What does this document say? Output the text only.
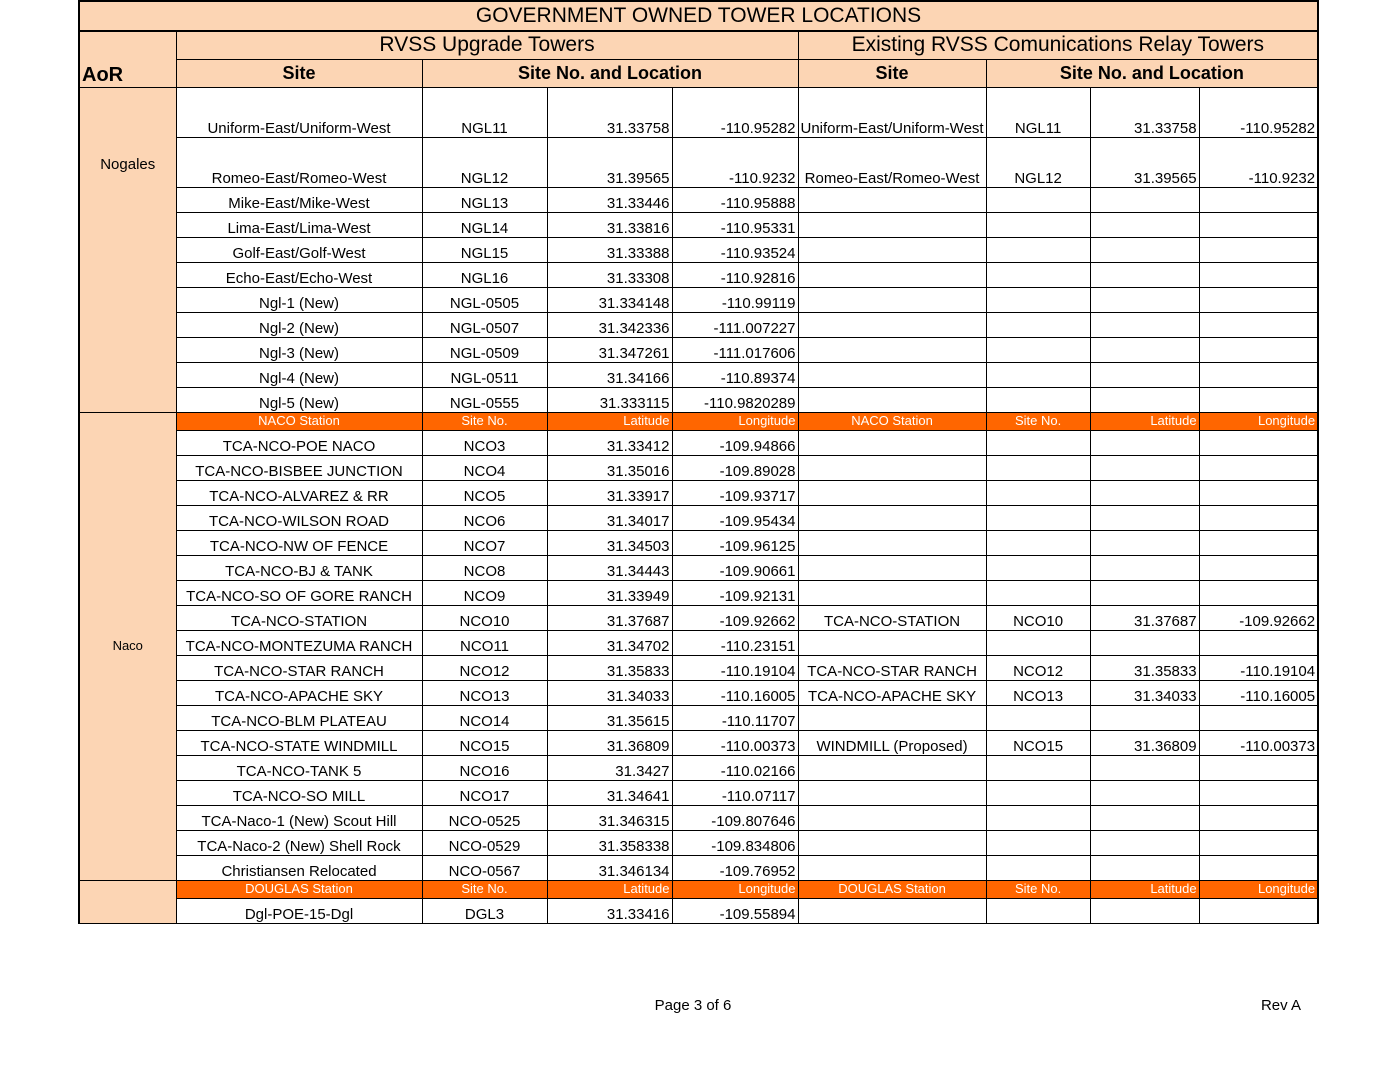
GOVERNMENT OWNED TOWER LOCATIONS								
AoR	RVSS Upgrade Towers				Existing RVSS Comunications Relay Towers			
	Site	Site No. and Location			Site	Site No. and Location		
Nogales	Uniform-East/Uniform-West	NGL11	31.33758	-110.95282	Uniform-East/Uniform-West	NGL11	31.33758	-110.95282
	Romeo-East/Romeo-West	NGL12	31.39565	-110.9232	Romeo-East/Romeo-West	NGL12	31.39565	-110.9232
	Mike-East/Mike-West	NGL13	31.33446	-110.95888				
	Lima-East/Lima-West	NGL14	31.33816	-110.95331				
	Golf-East/Golf-West	NGL15	31.33388	-110.93524				
	Echo-East/Echo-West	NGL16	31.33308	-110.92816				
	Ngl-1 (New)	NGL-0505	31.334148	-110.99119				
	Ngl-2 (New)	NGL-0507	31.342336	-111.007227				
	Ngl-3 (New)	NGL-0509	31.347261	-111.017606				
	Ngl-4 (New)	NGL-0511	31.34166	-110.89374				
	Ngl-5 (New)	NGL-0555	31.333115	-110.9820289				
Naco	NACO Station	Site No.	Latitude	Longitude	NACO Station	Site No.	Latitude	Longitude
	TCA-NCO-POE NACO	NCO3	31.33412	-109.94866				
	TCA-NCO-BISBEE JUNCTION	NCO4	31.35016	-109.89028				
	TCA-NCO-ALVAREZ & RR	NCO5	31.33917	-109.93717				
	TCA-NCO-WILSON ROAD	NCO6	31.34017	-109.95434				
	TCA-NCO-NW OF FENCE	NCO7	31.34503	-109.96125				
	TCA-NCO-BJ & TANK	NCO8	31.34443	-109.90661				
	TCA-NCO-SO OF GORE RANCH	NCO9	31.33949	-109.92131				
	TCA-NCO-STATION	NCO10	31.37687	-109.92662	TCA-NCO-STATION	NCO10	31.37687	-109.92662
	TCA-NCO-MONTEZUMA RANCH	NCO11	31.34702	-110.23151				
	TCA-NCO-STAR RANCH	NCO12	31.35833	-110.19104	TCA-NCO-STAR RANCH	NCO12	31.35833	-110.19104
	TCA-NCO-APACHE SKY	NCO13	31.34033	-110.16005	TCA-NCO-APACHE SKY	NCO13	31.34033	-110.16005
	TCA-NCO-BLM PLATEAU	NCO14	31.35615	-110.11707				
	TCA-NCO-STATE WINDMILL	NCO15	31.36809	-110.00373	WINDMILL (Proposed)	NCO15	31.36809	-110.00373
	TCA-NCO-TANK 5	NCO16	31.3427	-110.02166				
	TCA-NCO-SO MILL	NCO17	31.34641	-110.07117				
	TCA-Naco-1 (New) Scout Hill	NCO-0525	31.346315	-109.807646				
	TCA-Naco-2 (New) Shell Rock	NCO-0529	31.358338	-109.834806				
	Christiansen Relocated	NCO-0567	31.346134	-109.76952				
	DOUGLAS Station	Site No.	Latitude	Longitude	DOUGLAS Station	Site No.	Latitude	Longitude
	Dgl-POE-15-Dgl	DGL3	31.33416	-109.55894				
Page 3 of 6	Rev A
